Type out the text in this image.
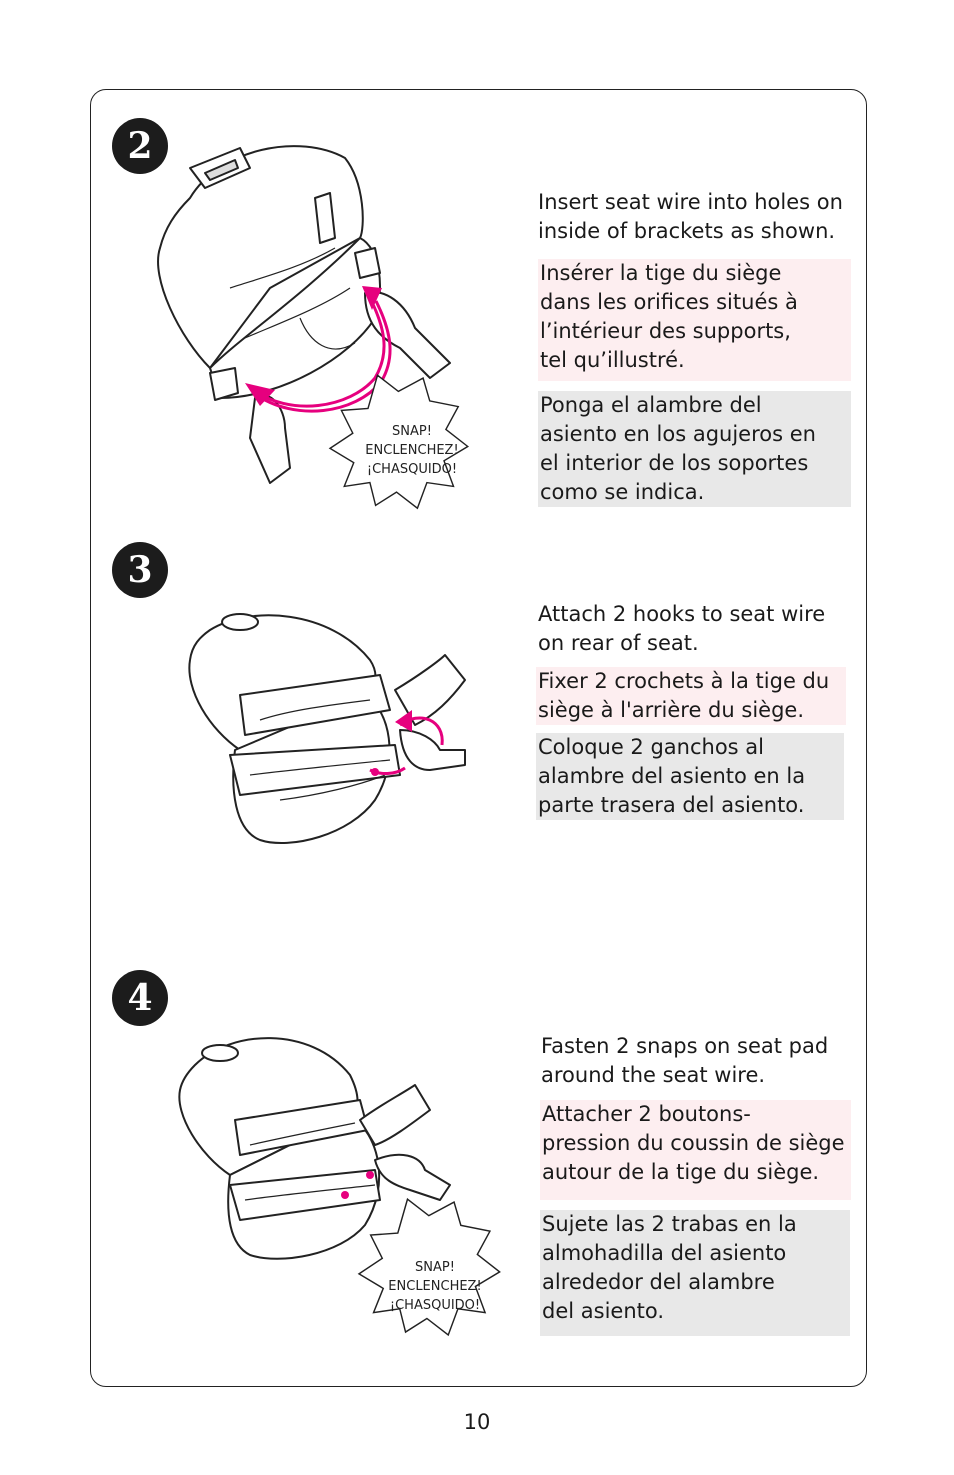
2
SNAP!
ENCLENCHEZ!
¡CHASQUIDO!

Insert seat wire into holes on
inside of brackets as shown.

Insérer la tige du siège
dans les orifices situés à
l’intérieur des supports,
tel qu’illustré.

Ponga el alambre del
asiento en los agujeros en
el interior de los soportes
como se indica.

3

Attach 2 hooks to seat wire
on rear of seat.

Fixer 2 crochets à la tige du
siège à l'arrière du siège.

Coloque 2 ganchos al
alambre del asiento en la
parte trasera del asiento.

4
SNAP!
ENCLENCHEZ!
¡CHASQUIDO!

Fasten 2 snaps on seat pad
around the seat wire.

Attacher 2 boutons-
pression du coussin de siège
autour de la tige du siège.

Sujete las 2 trabas en la
almohadilla del asiento
alrededor del alambre
del asiento.

10
